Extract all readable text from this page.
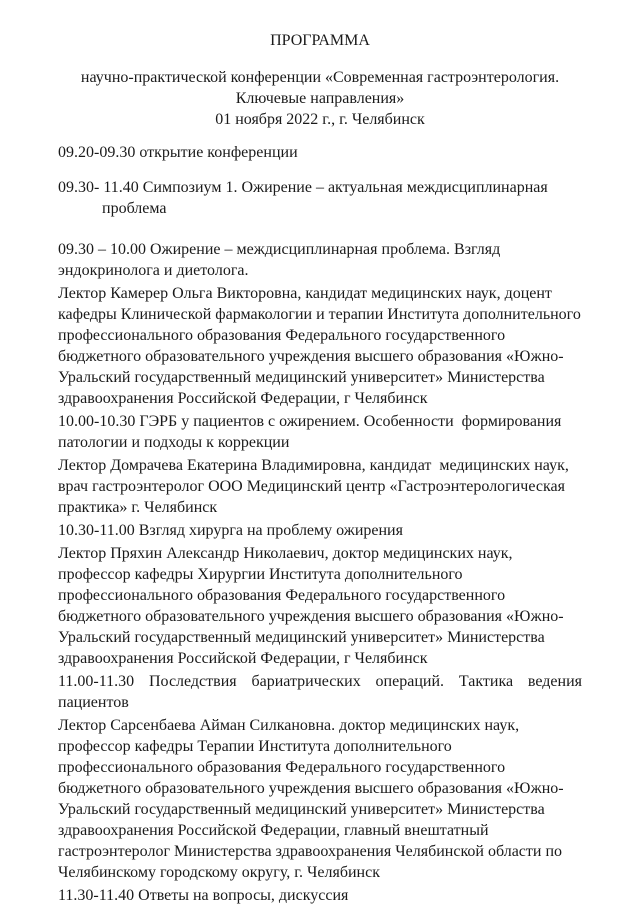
ПРОГРАММА

научно-практической конференции «Современная гастроэнтерология. Ключевые направления»

01 ноября 2022 г., г. Челябинск

09.20-09.30 открытие конференции

09.30- 11.40 Симпозиум 1. Ожирение – актуальная междисциплинарная проблема

09.30 – 10.00 Ожирение – междисциплинарная проблема. Взгляд эндокринолога и диетолога.

Лектор Камерер Ольга Викторовна, кандидат медицинских наук, доцент кафедры Клинической фармакологии и терапии Института дополнительного профессионального образования Федерального государственного бюджетного образовательного учреждения высшего образования «Южно-Уральский государственный медицинский университет» Министерства здравоохранения Российской Федерации, г Челябинск

10.00-10.30 ГЭРБ у пациентов с ожирением. Особенности  формирования патологии и подходы к коррекции

Лектор Домрачева Екатерина Владимировна, кандидат  медицинских наук, врач гастроэнтеролог ООО Медицинский центр «Гастроэнтерологическая практика» г. Челябинск

10.30-11.00 Взгляд хирурга на проблему ожирения

Лектор Пряхин Александр Николаевич, доктор медицинских наук, профессор кафедры Хирургии Института дополнительного профессионального образования Федерального государственного бюджетного образовательного учреждения высшего образования «Южно-Уральский государственный медицинский университет» Министерства здравоохранения Российской Федерации, г Челябинск

11.00-11.30 Последствия бариатрических операций. Тактика ведения пациентов

Лектор Сарсенбаева Айман Силкановна. доктор медицинских наук, профессор кафедры Терапии Института дополнительного профессионального образования Федерального государственного бюджетного образовательного учреждения высшего образования «Южно-Уральский государственный медицинский университет» Министерства здравоохранения Российской Федерации, главный внештатный гастроэнтеролог Министерства здравоохранения Челябинской области по Челябинскому городскому округу, г. Челябинск

11.30-11.40 Ответы на вопросы, дискуссия
